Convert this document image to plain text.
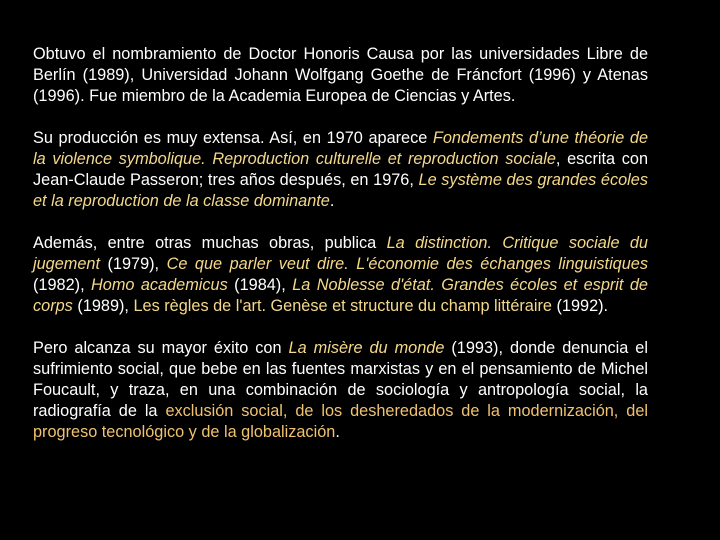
Obtuvo el nombramiento de Doctor Honoris Causa por las universidades Libre de Berlín (1989), Universidad Johann Wolfgang Goethe de Fráncfort (1996) y Atenas (1996). Fue miembro de la Academia Europea de Ciencias y Artes.

Su producción es muy extensa. Así, en 1970 aparece Fondements d’une théorie de la violence symbolique. Reproduction culturelle et reproduction sociale, escrita con Jean-Claude Passeron; tres años después, en 1976, Le système des grandes écoles et la reproduction de la classe dominante.

Además, entre otras muchas obras, publica La distinction. Critique sociale du jugement (1979), Ce que parler veut dire. L'économie des échanges linguistiques (1982), Homo academicus (1984), La Noblesse d'état. Grandes écoles et esprit de corps (1989), Les règles de l'art. Genèse et structure du champ littéraire (1992).

Pero alcanza su mayor éxito con La misère du monde (1993), donde denuncia el sufrimiento social, que bebe en las fuentes marxistas y en el pensamiento de Michel Foucault, y traza, en una combinación de sociología y antropología social, la radiografía de la exclusión social, de los desheredados de la modernización, del progreso tecnológico y de la globalización.
